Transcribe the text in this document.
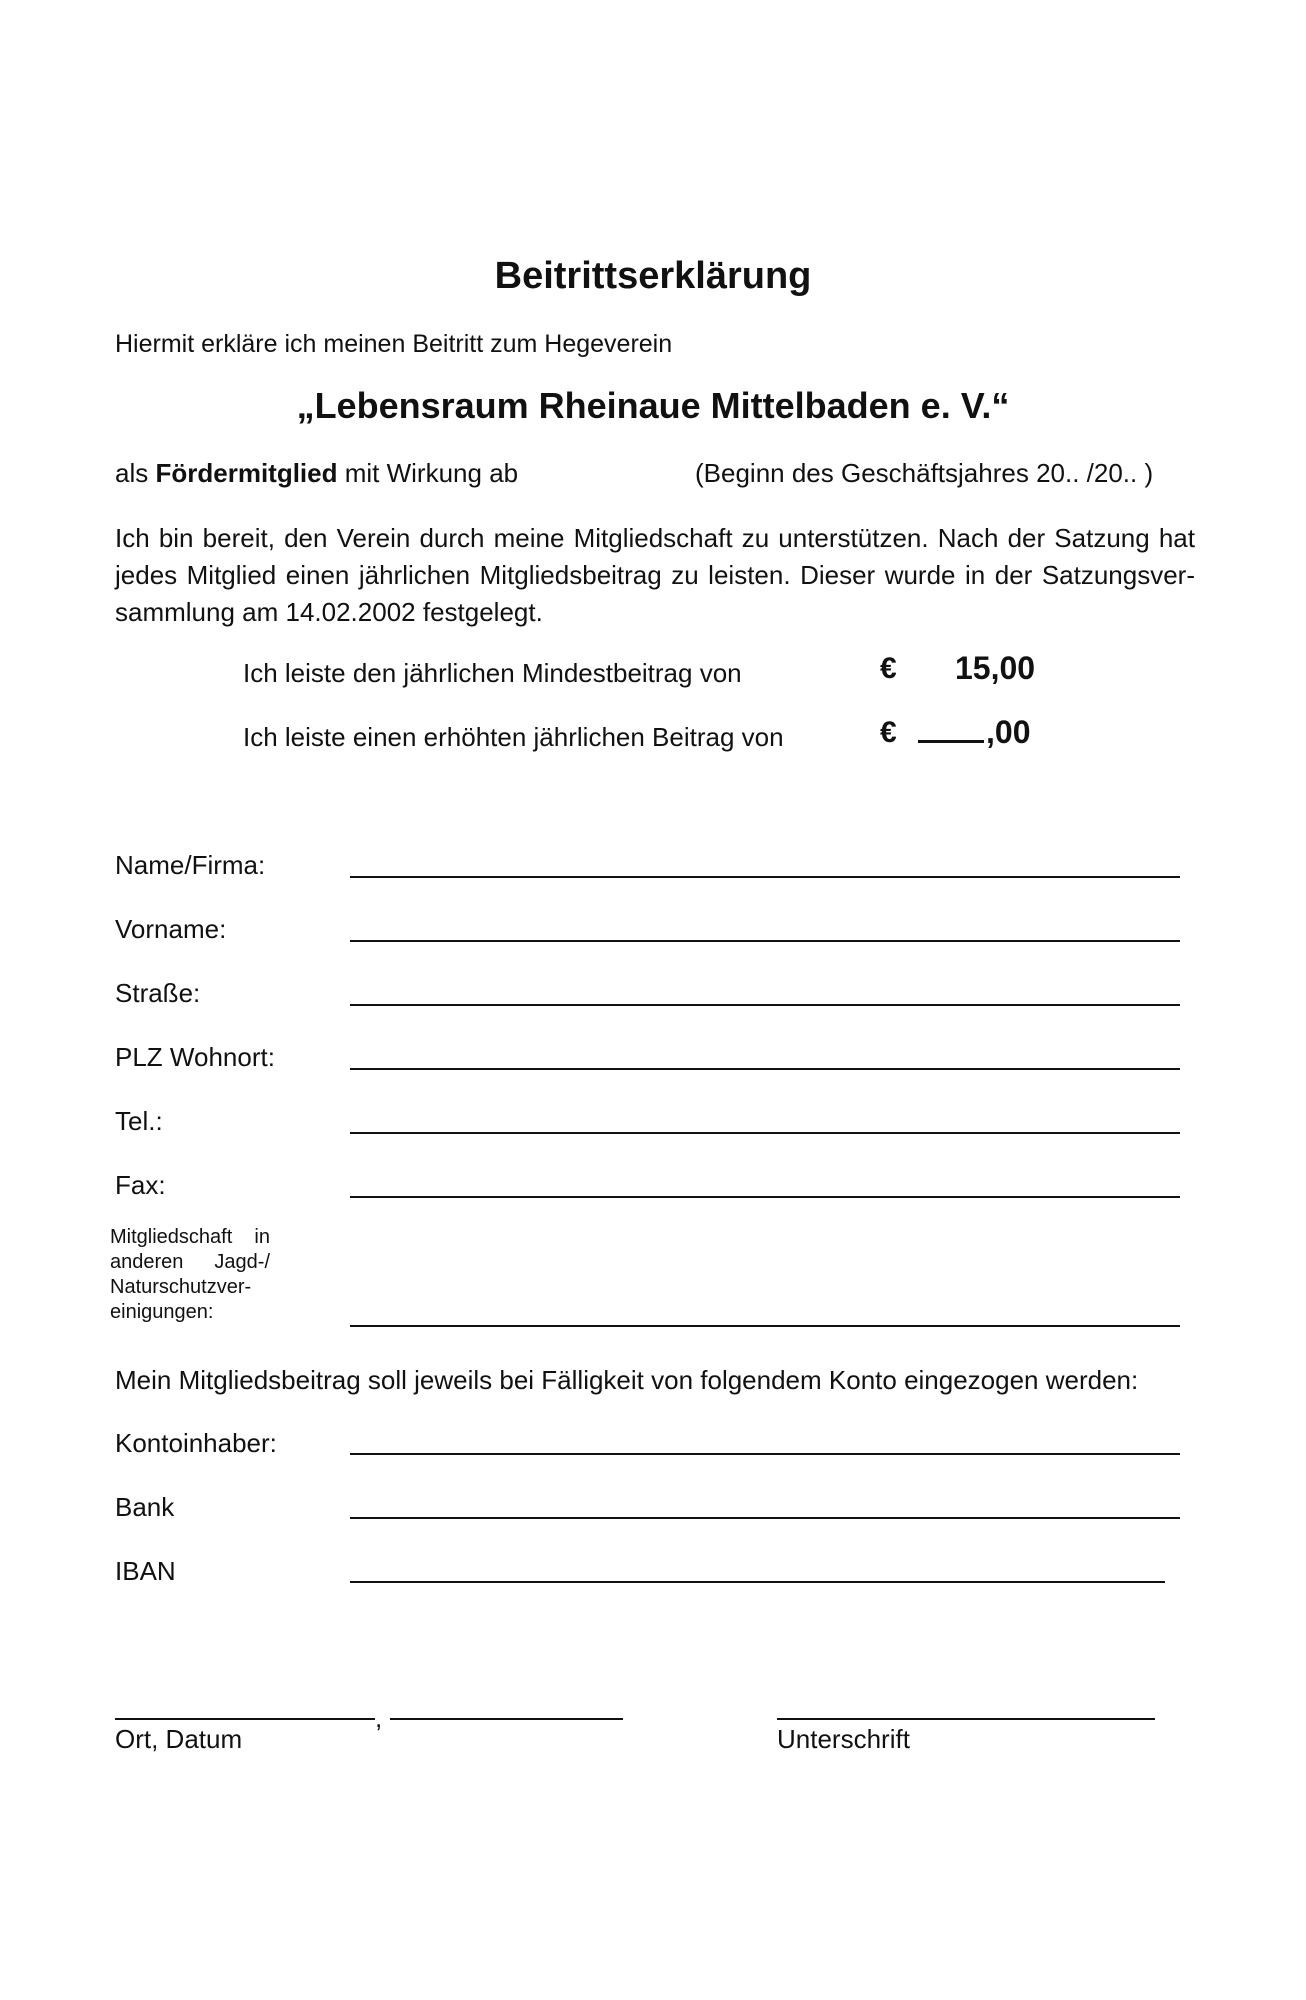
Beitrittserklärung
Hiermit erkläre ich meinen Beitritt zum Hegeverein
„Lebensraum Rheinaue Mittelbaden e. V.“
als Fördermitglied mit Wirkung ab	(Beginn des Geschäftsjahres 20.. /20.. )
Ich bin bereit, den Verein durch meine Mitgliedschaft zu unterstützen. Nach der Satzung hat
jedes Mitglied einen jährlichen Mitgliedsbeitrag zu leisten. Dieser wurde in der Satzungsver-
sammlung am 14.02.2002 festgelegt.
Ich leiste den jährlichen Mindestbeitrag von	€ 15,00
Ich leiste einen erhöhten jährlichen Beitrag von	€	,00
Name/Firma:
Vorname:
Straße:
PLZ Wohnort:
Tel.:
Fax:
Mitgliedschaft in
anderen Jagd-/
Naturschutzver-
einigungen:
Mein Mitgliedsbeitrag soll jeweils bei Fälligkeit von folgendem Konto eingezogen werden:
Kontoinhaber:
Bank
IBAN
,
Ort, Datum	Unterschrift
